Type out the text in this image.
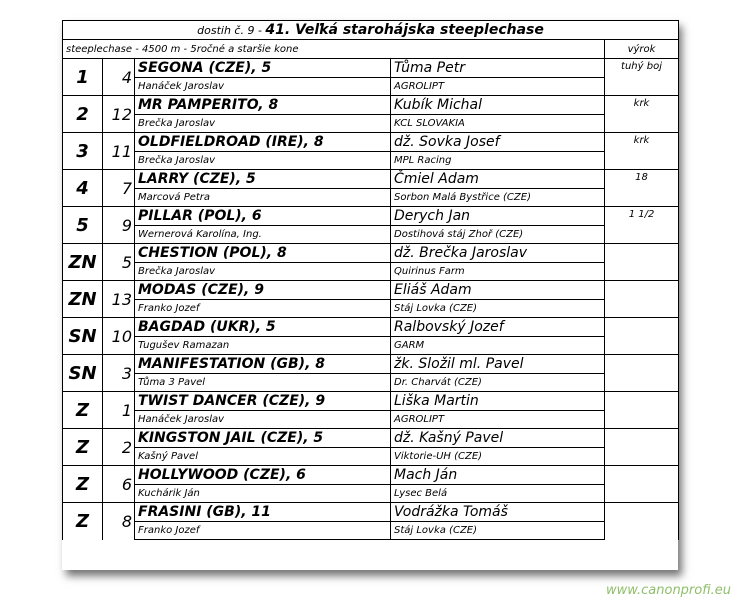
dostih č. 9 - 41. Veľká starohájska steeplechase				
steeplechase - 4500 m - 5ročné a staršie kone				výrok
1	4	SEGONA (CZE), 5	Tůma Petr	tuhý boj
		Hanáček Jaroslav	AGROLIPT	
2	12	MR PAMPERITO, 8	Kubík Michal	krk
		Brečka Jaroslav	KCL SLOVAKIA	
3	11	OLDFIELDROAD (IRE), 8	dž. Sovka Josef	krk
		Brečka Jaroslav	MPL Racing	
4	7	LARRY (CZE), 5	Čmiel Adam	18
		Marcová Petra	Sorbon Malá Bystřice (CZE)	
5	9	PILLAR (POL), 6	Derych Jan	1 1/2
		Wernerová Karolína, Ing.	Dostihová stáj Zhoř (CZE)	
ZN	5	CHESTION (POL), 8	dž. Brečka Jaroslav	
		Brečka Jaroslav	Quirinus Farm	
ZN	13	MODAS (CZE), 9	Eliáš Adam	
		Franko Jozef	Stáj Lovka (CZE)	
SN	10	BAGDAD (UKR), 5	Ralbovský Jozef	
		Tugušev Ramazan	GARM	
SN	3	MANIFESTATION (GB), 8	žk. Složil ml. Pavel	
		Tůma 3 Pavel	Dr. Charvát (CZE)	
Z	1	TWIST DANCER (CZE), 9	Liška Martin	
		Hanáček Jaroslav	AGROLIPT	
Z	2	KINGSTON JAIL (CZE), 5	dž. Kašný Pavel	
		Kašný Pavel	Viktorie-UH (CZE)	
Z	6	HOLLYWOOD (CZE), 6	Mach Ján	
		Kuchárik Ján	Lysec Belá	
Z	8	FRASINI (GB), 11	Vodrážka Tomáš	
		Franko Jozef	Stáj Lovka (CZE)	
www.canonprofi.eu
